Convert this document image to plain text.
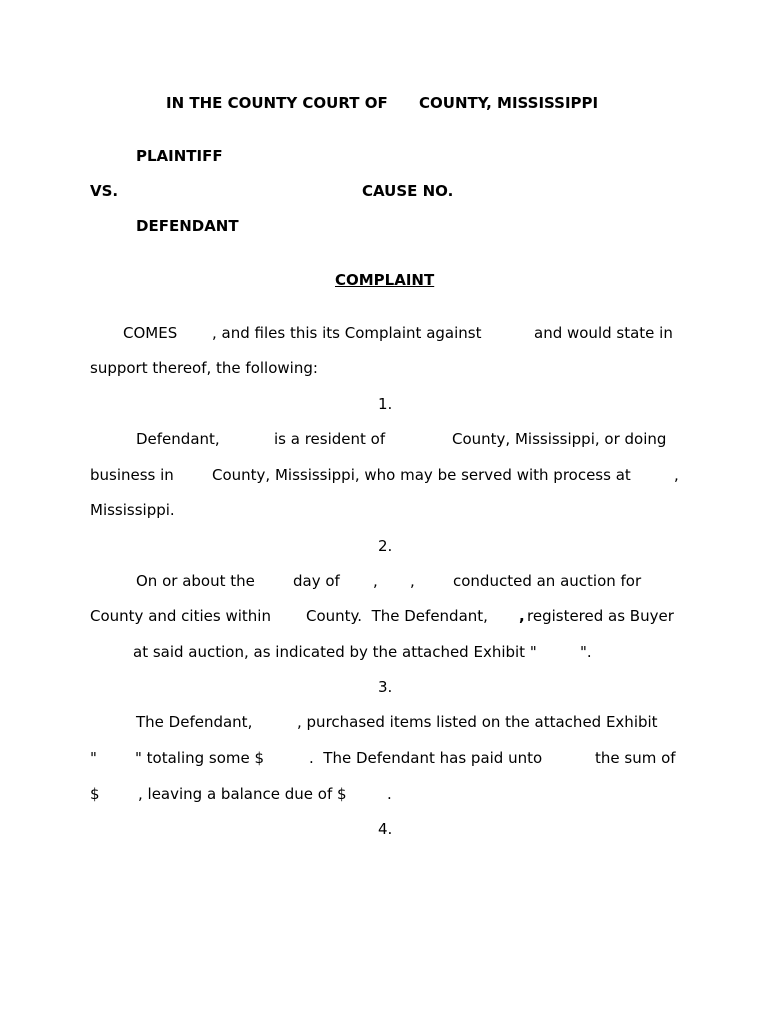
IN THE COUNTY COURT OF COUNTY, MISSISSIPPI
PLAINTIFF
VS.	CAUSE NO.
DEFENDANT
COMPLAINT
COMES , and files this its Complaint against	and would state in
support thereof, the following:
1.
Defendant,	is a resident of	County, Mississippi, or doing
business in	County, Mississippi, who may be served with process at	,
Mississippi.
2.
On or about the	day of , ,	conducted an auction for
County and cities within County.  The Defendant, , registered as Buyer
at said auction, as indicated by the attached Exhibit "	".
3.
The Defendant,	, purchased items listed on the attached Exhibit
"	" totaling some $	.  The Defendant has paid unto	the sum of
$	, leaving a balance due of $	.
4.
